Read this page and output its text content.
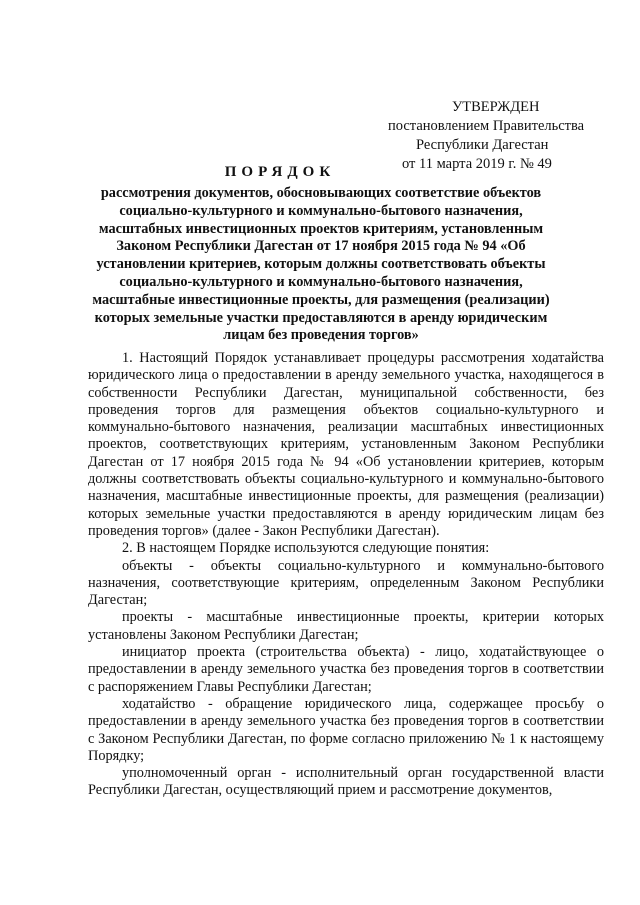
УТВЕРЖДЕН
постановлением Правительства
Республики Дагестан
от 11 марта 2019 г. № 49
ПОРЯДОК
рассмотрения документов, обосновывающих соответствие объектов социально-культурного и коммунально-бытового назначения, масштабных инвестиционных проектов критериям, установленным Законом Республики Дагестан от 17 ноября 2015 года № 94 «Об установлении критериев, которым должны соответствовать объекты социально-культурного и коммунально-бытового назначения, масштабные инвестиционные проекты, для размещения (реализации) которых земельные участки предоставляются в аренду юридическим лицам без проведения торгов»

1. Настоящий Порядок устанавливает процедуры рассмотрения ходатайства юридического лица о предоставлении в аренду земельного участка, находящегося в собственности Республики Дагестан, муниципальной собственности, без проведения торгов для размещения объектов социально-культурного и коммунально-бытового назначения, реализации масштабных инвестиционных проектов, соответствующих критериям, установленным Законом Республики Дагестан от 17 ноября 2015 года № 94 «Об установлении критериев, которым должны соответствовать объекты социально-культурного и коммунально-бытового назначения, масштабные инвестиционные проекты, для размещения (реализации) которых земельные участки предоставляются в аренду юридическим лицам без проведения торгов» (далее - Закон Республики Дагестан).

2. В настоящем Порядке используются следующие понятия:

объекты - объекты социально-культурного и коммунально-бытового назначения, соответствующие критериям, определенным Законом Республики Дагестан;

проекты - масштабные инвестиционные проекты, критерии которых установлены Законом Республики Дагестан;

инициатор проекта (строительства объекта) - лицо, ходатайствующее о предоставлении в аренду земельного участка без проведения торгов в соответствии с распоряжением Главы Республики Дагестан;

ходатайство - обращение юридического лица, содержащее просьбу о предоставлении в аренду земельного участка без проведения торгов в соответствии с Законом Республики Дагестан, по форме согласно приложению № 1 к настоящему Порядку;

уполномоченный орган - исполнительный орган государственной власти Республики Дагестан, осуществляющий прием и рассмотрение документов,
